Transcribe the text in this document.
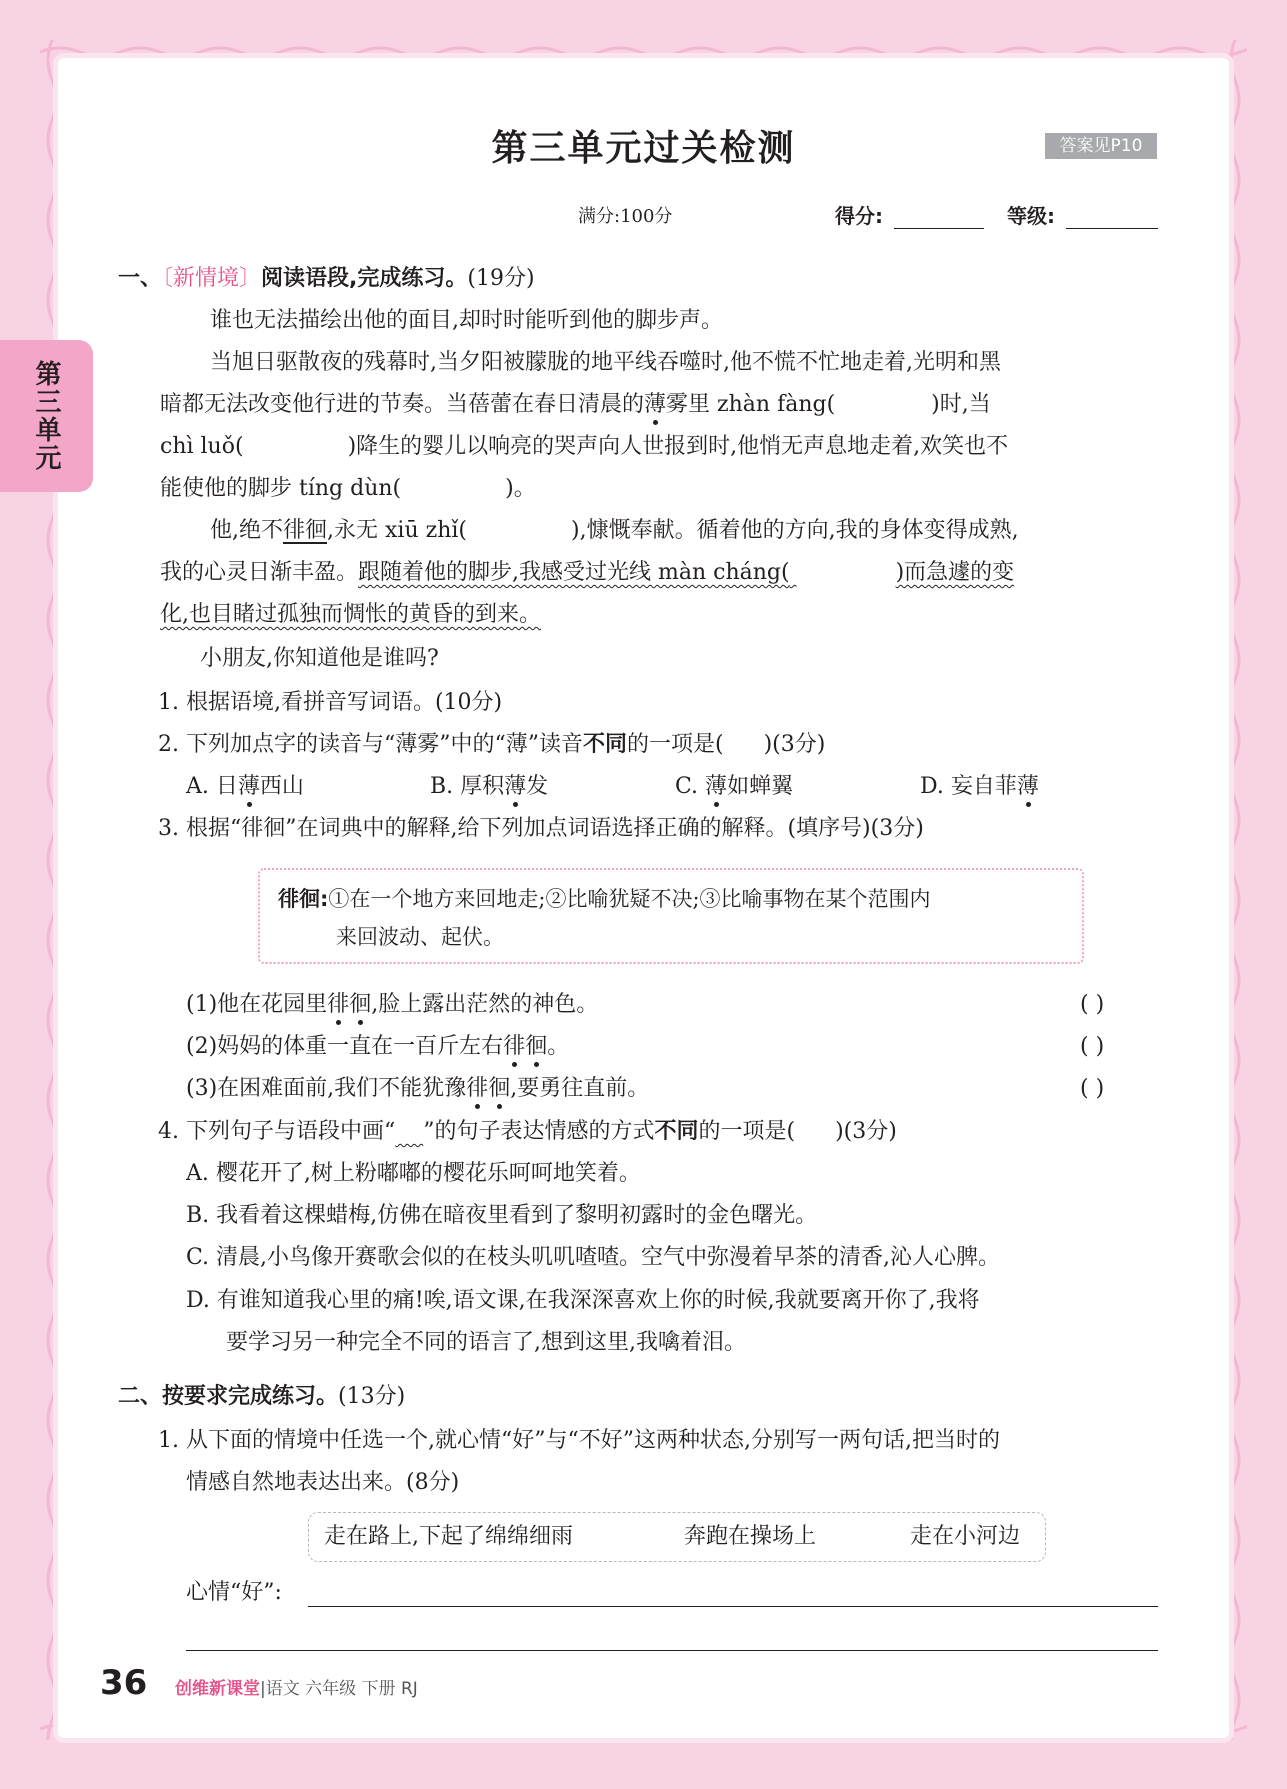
第三单元
第三单元过关检测	答案见P10
满分:100分	得分:	等级:
一、〔新情境〕阅读语段,完成练习。(19分)
谁也无法描绘出他的面目,却时时能听到他的脚步声。
当旭日驱散夜的残幕时,当夕阳被朦胧的地平线吞噬时,他不慌不忙地走着,光明和黑
暗都无法改变他行进的节奏。当蓓蕾在春日清晨的薄雾里 zhàn fàng(	)时,当
chì luǒ(	)降生的婴儿以响亮的哭声向人世报到时,他悄无声息地走着,欢笑也不
能使他的脚步 tíng dùn(	)。
他,绝不徘徊,永无 xiū zhǐ(	),慷慨奉献。循着他的方向,我的身体变得成熟,
我的心灵日渐丰盈。跟随着他的脚步,我感受过光线 màn cháng(	)而急遽的变
化,也目睹过孤独而惆怅的黄昏的到来。
小朋友,你知道他是谁吗?
1. 根据语境,看拼音写词语。(10分)
2. 下列加点字的读音与“薄雾”中的“薄”读音不同的一项是( )(3分)
A. 日薄西山	B. 厚积薄发	C. 薄如蝉翼	D. 妄自菲薄
3. 根据“徘徊”在词典中的解释,给下列加点词语选择正确的解释。(填序号)(3分)
徘徊:①在一个地方来回地走;②比喻犹疑不决;③比喻事物在某个范围内
来回波动、起伏。
(1)他在花园里徘徊,脸上露出茫然的神色。	( )
(2)妈妈的体重一直在一百斤左右徘徊。	( )
(3)在困难面前,我们不能犹豫徘徊,要勇往直前。	( )
4. 下列句子与语段中画“ ”的句子表达情感的方式不同的一项是( )(3分)
A. 樱花开了,树上粉嘟嘟的樱花乐呵呵地笑着。
B. 我看着这棵蜡梅,仿佛在暗夜里看到了黎明初露时的金色曙光。
C. 清晨,小鸟像开赛歌会似的在枝头叽叽喳喳。空气中弥漫着早茶的清香,沁人心脾。
D. 有谁知道我心里的痛!唉,语文课,在我深深喜欢上你的时候,我就要离开你了,我将
要学习另一种完全不同的语言了,想到这里,我噙着泪。
二、按要求完成练习。(13分)
1. 从下面的情境中任选一个,就心情“好”与“不好”这两种状态,分别写一两句话,把当时的
情感自然地表达出来。(8分)
走在路上,下起了绵绵细雨	奔跑在操场上	走在小河边
心情“好”:
36 创维新课堂|语文 六年级 下册 RJ
